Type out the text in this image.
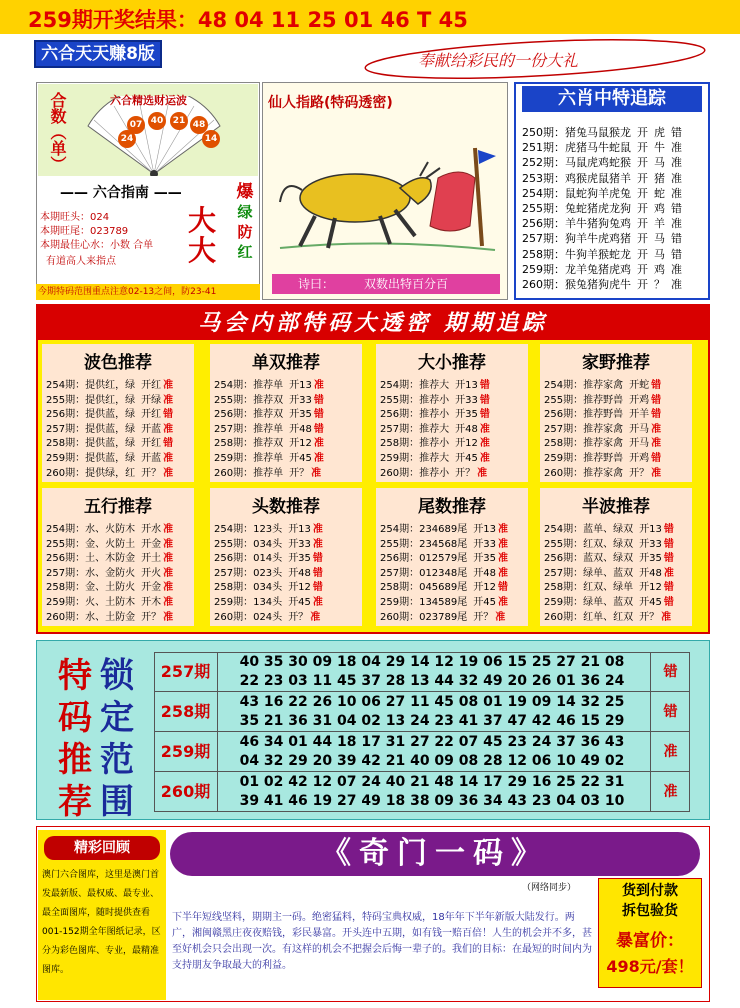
259期开奖结果：48 04 11 25 01 46 T 45
六合天天赚8版	奉献给彩民的一份大礼
合数（单）	六合精选财运波
07 40	21 48
24	14
—— 六合指南 ——
本期旺头：024
本期旺尾：023789
本期最佳心水：小数 合单
有道高人来指点
大
大
爆
绿
防
红
今期特码范围重点注意02-13之间，防23-41
仙人指路(特码透密)
诗曰： 双数出特百分百
六肖中特追踪
250期：猪兔马鼠猴龙 开 虎 错
251期：虎猪马牛蛇鼠 开 牛 准
252期：马鼠虎鸡蛇猴 开 马 准
253期：鸡猴虎鼠猪羊 开 猪 准
254期：鼠蛇狗羊虎兔 开 蛇 准
255期：兔蛇猪虎龙狗 开 鸡 错
256期：羊牛猪狗兔鸡 开 羊 准
257期：狗羊牛虎鸡猪 开 马 错
258期：牛狗羊猴蛇龙 开 马 错
259期：龙羊兔猪虎鸡 开 鸡 准
260期：猴兔猪狗虎牛 开 ？ 准
马会内部特码大透密 期期追踪
波色推荐
254期：提供红，绿 开红 准
255期：提供红，绿 开绿 准
256期：提供蓝，绿 开红 错
257期：提供蓝，绿 开蓝 准
258期：提供蓝，绿 开红 错
259期：提供蓝，绿 开蓝 准
260期：提供绿，红 开？ 准
单双推荐
254期：推荐单 开13 准
255期：推荐双 开33 错
256期：推荐双 开35 错
257期：推荐单 开48 错
258期：推荐双 开12 准
259期：推荐单 开45 准
260期：推荐单 开？ 准
大小推荐
254期：推荐大 开13 错
255期：推荐小 开33 错
256期：推荐小 开35 错
257期：推荐大 开48 准
258期：推荐小 开12 准
259期：推荐大 开45 准
260期：推荐小 开？ 准
家野推荐
254期：推荐家禽 开蛇 错
255期：推荐野兽 开鸡 错
256期：推荐野兽 开羊 错
257期：推荐家禽 开马 准
258期：推荐家禽 开马 准
259期：推荐野兽 开鸡 错
260期：推荐家禽 开？ 准
五行推荐
254期：水、火防木 开水 准
255期：金、火防土 开金 准
256期：土、木防金 开土 准
257期：水、金防火 开火 准
258期：金、土防火 开金 准
259期：火、土防木 开木 准
260期：水、土防金 开？ 准
头数推荐
254期：123头 开13 准
255期：034头 开33 准
256期：014头 开35 错
257期：023头 开48 错
258期：034头 开12 错
259期：134头 开45 准
260期：024头 开？ 准
尾数推荐
254期：234689尾 开13 准
255期：234568尾 开33 准
256期：012579尾 开35 准
257期：012348尾 开48 准
258期：045689尾 开12 错
259期：134589尾 开45 准
260期：023789尾 开？ 准
半波推荐
254期：蓝单、绿双 开13 错
255期：红双、绿双 开33 错
256期：蓝双、绿双 开35 错
257期：绿单、蓝双 开48 准
258期：红双、绿单 开12 错
259期：绿单、蓝双 开45 错
260期：红单、红双 开？ 准
特
码
推
荐
锁
定
范
围
257期	40 35 30 09 18 04 29 14 12 19 06 15 25 27 21 08
22 23 03 11 45 37 28 13 44 32 49 20 26 01 36 24
错
258期	43 16 22 26 10 06 27 11 45 08 01 19 09 14 32 25
35 21 36 31 04 02 13 24 23 41 37 47 42 46 15 29
错
259期	46 34 01 44 18 17 31 27 22 07 45 23 24 37 36 43
04 32 29 20 39 42 21 40 09 08 28 12 06 10 49 02
准
260期	01 02 42 12 07 24 40 21 48 14 17 29 16 25 22 31
39 41 46 19 27 49 18 38 09 36 34 43 23 04 03 10
准
精彩回顾
澳门六合图库，这里是澳门首发最新版、最权威、最专业、最全面图库，随时提供查看001-152期全年图纸记录，区分为彩色图库、专业，最精准图库。
《奇门一码》
（网络同步）
下半年短线坚料，期期主一码。绝密猛料，特码宝典权威，18年年下半年新版大陆发行。两广，湘闽赣黑庄夜夜赔钱，彩民暴富。开头连中五期，如有钱一赔百倍！人生的机会并不多，甚至好机会只会出现一次。有这样的机会不把握会后悔一辈子的。我们的目标：在最短的时间内为支持朋友争取最大的利益。
货到付款
拆包验货
暴富价：
498元/套！
